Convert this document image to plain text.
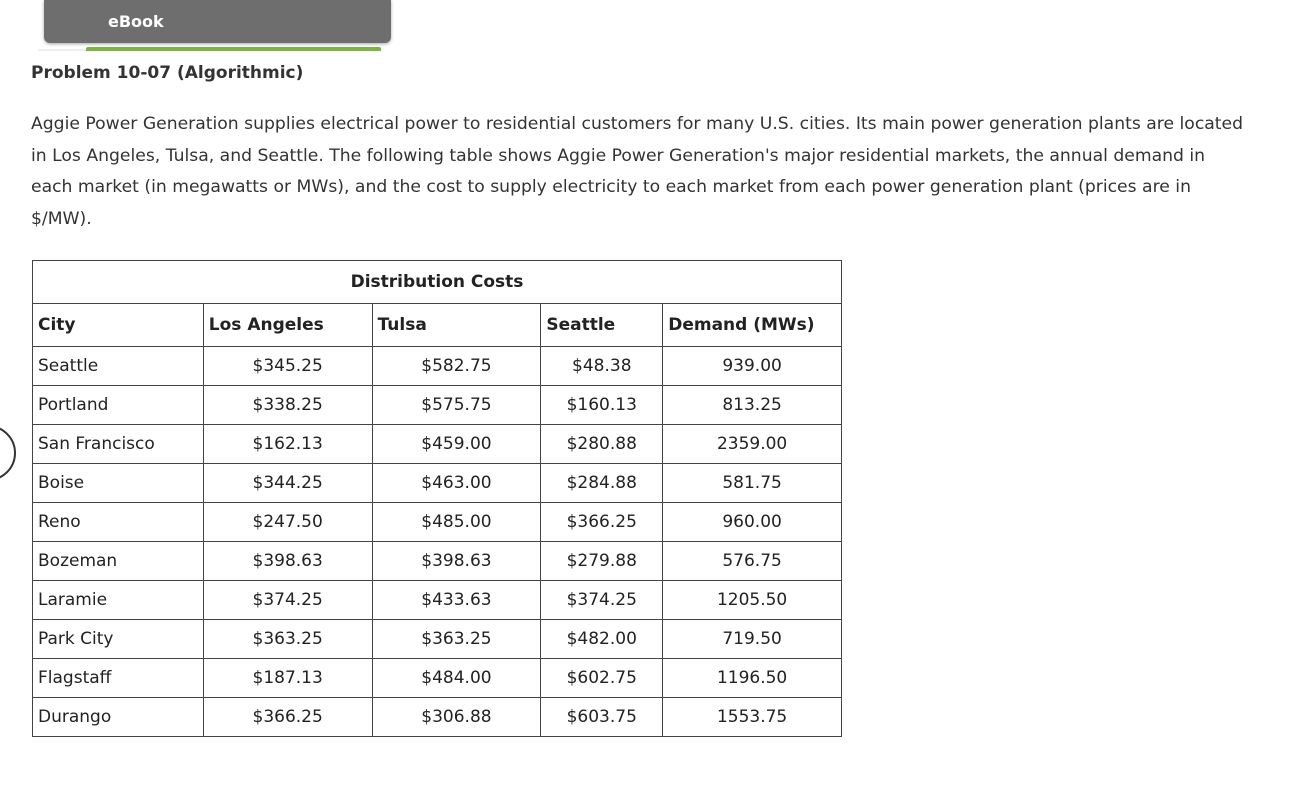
eBook
Problem 10-07 (Algorithmic)

Aggie Power Generation supplies electrical power to residential customers for many U.S. cities. Its main power generation plants are located in Los Angeles, Tulsa, and Seattle. The following table shows Aggie Power Generation's major residential markets, the annual demand in each market (in megawatts or MWs), and the cost to supply electricity to each market from each power generation plant (prices are in $/MW).

Distribution Costs				
City	Los Angeles	Tulsa	Seattle	Demand (MWs)
Seattle	$345.25	$582.75	$48.38	939.00
Portland	$338.25	$575.75	$160.13	813.25
San Francisco	$162.13	$459.00	$280.88	2359.00
Boise	$344.25	$463.00	$284.88	581.75
Reno	$247.50	$485.00	$366.25	960.00
Bozeman	$398.63	$398.63	$279.88	576.75
Laramie	$374.25	$433.63	$374.25	1205.50
Park City	$363.25	$363.25	$482.00	719.50
Flagstaff	$187.13	$484.00	$602.75	1196.50
Durango	$366.25	$306.88	$603.75	1553.75
